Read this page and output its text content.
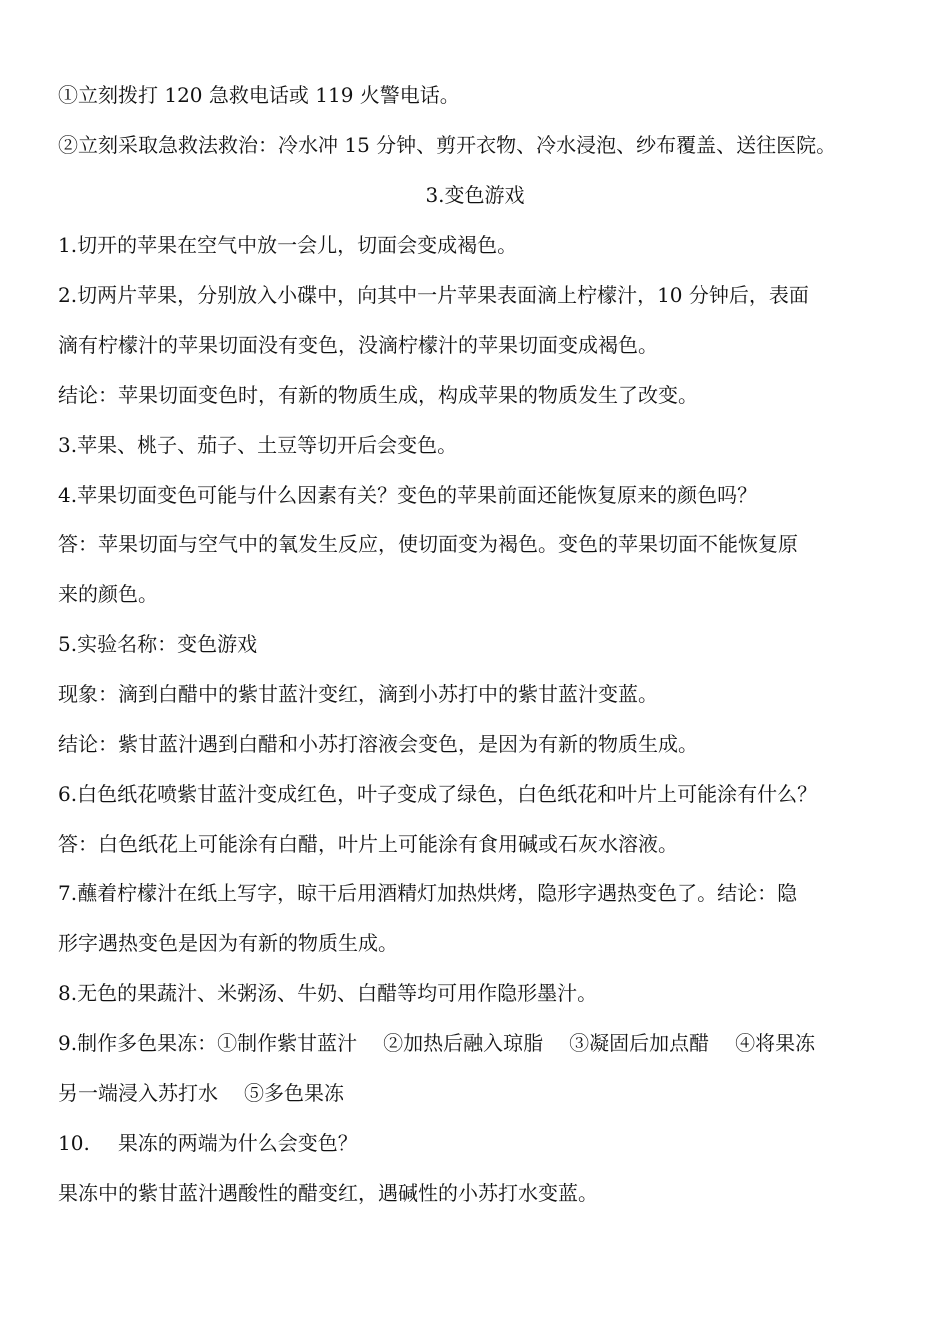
①立刻拨打 120 急救电话或 119 火警电话。
②立刻采取急救法救治：冷水冲 15 分钟、剪开衣物、冷水浸泡、纱布覆盖、送往医院。
3.变色游戏
1.切开的苹果在空气中放一会儿，切面会变成褐色。
2.切两片苹果，分别放入小碟中，向其中一片苹果表面滴上柠檬汁，10 分钟后，表面
滴有柠檬汁的苹果切面没有变色，没滴柠檬汁的苹果切面变成褐色。
结论：苹果切面变色时，有新的物质生成，构成苹果的物质发生了改变。
3.苹果、桃子、茄子、土豆等切开后会变色。
4.苹果切面变色可能与什么因素有关？变色的苹果前面还能恢复原来的颜色吗？
答：苹果切面与空气中的氧发生反应，使切面变为褐色。变色的苹果切面不能恢复原
来的颜色。
5.实验名称：变色游戏
现象：滴到白醋中的紫甘蓝汁变红，滴到小苏打中的紫甘蓝汁变蓝。
结论：紫甘蓝汁遇到白醋和小苏打溶液会变色，是因为有新的物质生成。
6.白色纸花喷紫甘蓝汁变成红色，叶子变成了绿色，白色纸花和叶片上可能涂有什么？
答：白色纸花上可能涂有白醋，叶片上可能涂有食用碱或石灰水溶液。
7.蘸着柠檬汁在纸上写字，晾干后用酒精灯加热烘烤，隐形字遇热变色了。结论：隐
形字遇热变色是因为有新的物质生成。
8.无色的果蔬汁、米粥汤、牛奶、白醋等均可用作隐形墨汁。
9.制作多色果冻：①制作紫甘蓝汁 ②加热后融入琼脂 ③凝固后加点醋 ④将果冻
另一端浸入苏打水 ⑤多色果冻
10. 果冻的两端为什么会变色？
果冻中的紫甘蓝汁遇酸性的醋变红，遇碱性的小苏打水变蓝。
